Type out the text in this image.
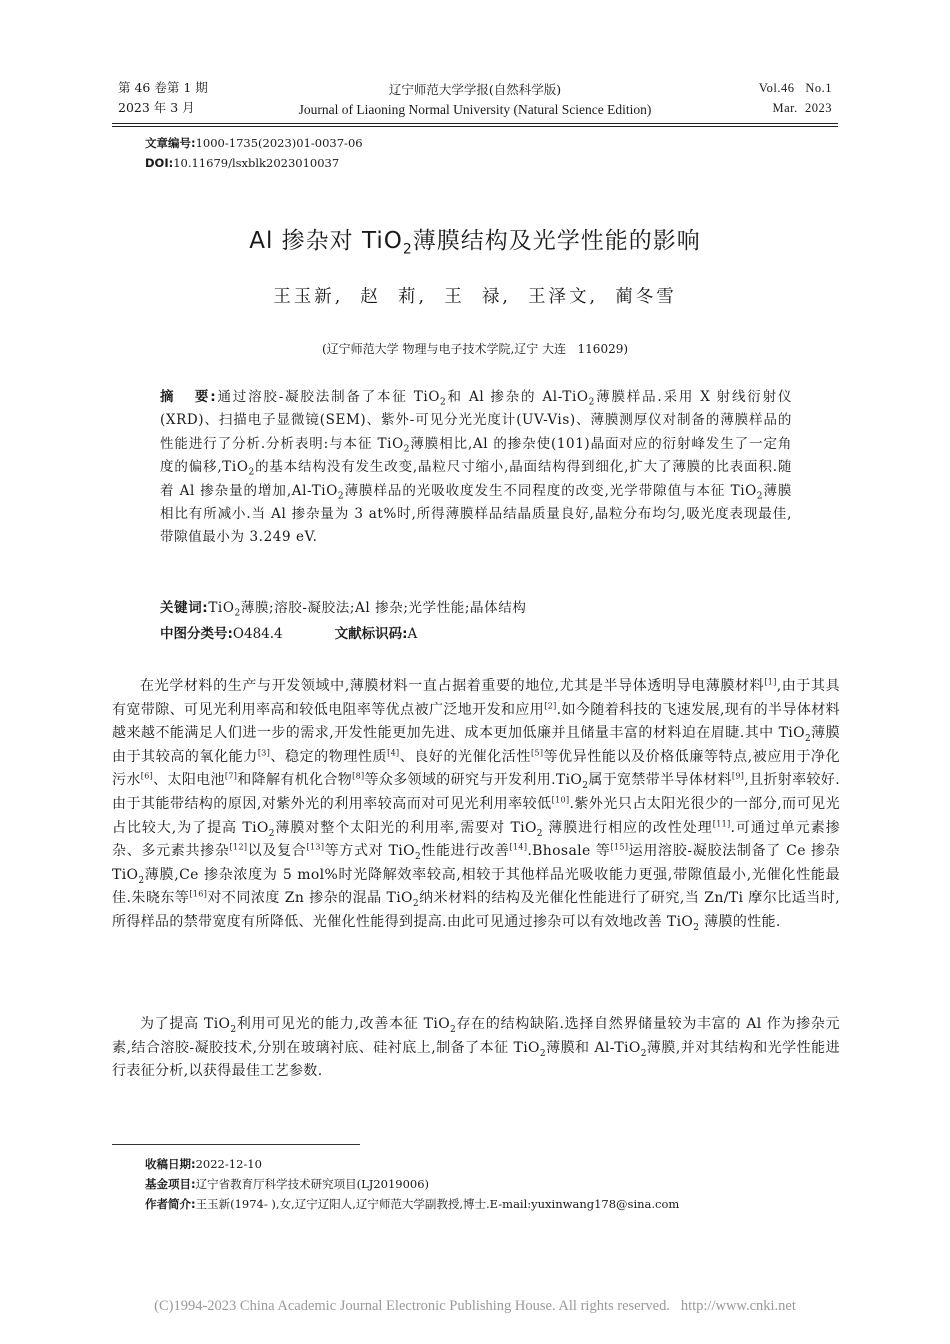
第 46 卷第 1 期
2023 年 3 月
辽宁师范大学学报(自然科学版)
Journal of Liaoning Normal University (Natural Science Edition)
Vol.46   No.1
Mar.  2023
文章编号:1000-1735(2023)01-0037-06
DOI:10.11679/lsxblk2023010037
Al 掺杂对 TiO$_2$薄膜结构及光学性能的影响
王玉新,  赵  莉,  王  禄,  王泽文,  蔺冬雪
(辽宁师范大学 物理与电子技术学院,辽宁 大连   116029)
摘   要:通过溶胶-凝胶法制备了本征 TiO$_2$和 Al 掺杂的 Al-TiO$_2$薄膜样品.采用 X 射线衍射仪(XRD)、扫描电子显微镜(SEM)、紫外-可见分光光度计(UV-Vis)、薄膜测厚仪对制备的薄膜样品的性能进行了分析.分析表明:与本征 TiO$_2$薄膜相比,Al 的掺杂使(101)晶面对应的衍射峰发生了一定角度的偏移,TiO$_2$的基本结构没有发生改变,晶粒尺寸缩小,晶面结构得到细化,扩大了薄膜的比表面积.随着 Al 掺杂量的增加,Al-TiO$_2$薄膜样品的光吸收度发生不同程度的改变,光学带隙值与本征 TiO$_2$薄膜相比有所减小.当 Al 掺杂量为 3 at%时,所得薄膜样品结晶质量良好,晶粒分布均匀,吸光度表现最佳,带隙值最小为 3.249 eV.
关键词:TiO$_2$薄膜;溶胶-凝胶法;Al 掺杂;光学性能;晶体结构
中图分类号:O484.4	文献标识码:A

在光学材料的生产与开发领域中,薄膜材料一直占据着重要的地位,尤其是半导体透明导电薄膜材料[1],由于其具有宽带隙、可见光利用率高和较低电阻率等优点被广泛地开发和应用[2].如今随着科技的飞速发展,现有的半导体材料越来越不能满足人们进一步的需求,开发性能更加先进、成本更加低廉并且储量丰富的材料迫在眉睫.其中 TiO$_2$薄膜由于其较高的氧化能力[3]、稳定的物理性质[4]、良好的光催化活性[5]等优异性能以及价格低廉等特点,被应用于净化污水[6]、太阳电池[7]和降解有机化合物[8]等众多领域的研究与开发利用.TiO$_2$属于宽禁带半导体材料[9],且折射率较好.由于其能带结构的原因,对紫外光的利用率较高而对可见光利用率较低[10].紫外光只占太阳光很少的一部分,而可见光占比较大,为了提高 TiO$_2$薄膜对整个太阳光的利用率,需要对 TiO$_2$ 薄膜进行相应的改性处理[11].可通过单元素掺杂、多元素共掺杂[12]以及复合[13]等方式对 TiO$_2$性能进行改善[14].Bhosale 等[15]运用溶胶-凝胶法制备了 Ce 掺杂 TiO$_2$薄膜,Ce 掺杂浓度为 5 mol%时光降解效率较高,相较于其他样品光吸收能力更强,带隙值最小,光催化性能最佳.朱晓东等[16]对不同浓度 Zn 掺杂的混晶 TiO$_2$纳米材料的结构及光催化性能进行了研究,当 Zn/Ti 摩尔比适当时,所得样品的禁带宽度有所降低、光催化性能得到提高.由此可见通过掺杂可以有效地改善 TiO$_2$ 薄膜的性能.

为了提高 TiO$_2$利用可见光的能力,改善本征 TiO$_2$存在的结构缺陷.选择自然界储量较为丰富的 Al 作为掺杂元素,结合溶胶-凝胶技术,分别在玻璃衬底、硅衬底上,制备了本征 TiO$_2$薄膜和 Al-TiO$_2$薄膜,并对其结构和光学性能进行表征分析,以获得最佳工艺参数.

收稿日期:2022-12-10
基金项目:辽宁省教育厅科学技术研究项目(LJ2019006)
作者简介:王玉新(1974- ),女,辽宁辽阳人,辽宁师范大学副教授,博士.E-mail:yuxinwang178@sina.com
(C)1994-2023 China Academic Journal Electronic Publishing House. All rights reserved.   http://www.cnki.net
